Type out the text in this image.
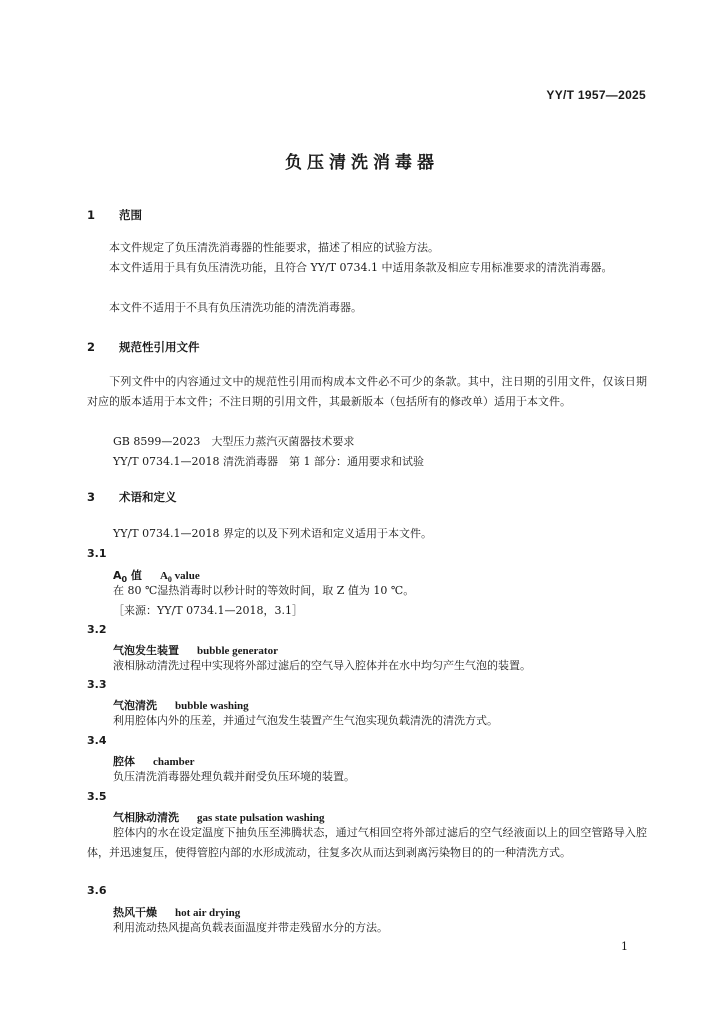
YY/T 1957—2025
负压清洗消毒器
1 范围
本文件规定了负压清洗消毒器的性能要求，描述了相应的试验方法。
本文件适用于具有负压清洗功能，且符合 YY/T 0734.1 中适用条款及相应专用标准要求的清洗消毒器。
本文件不适用于不具有负压清洗功能的清洗消毒器。
2 规范性引用文件
下列文件中的内容通过文中的规范性引用而构成本文件必不可少的条款。其中，注日期的引用文件，仅该日期对应的版本适用于本文件；不注日期的引用文件，其最新版本（包括所有的修改单）适用于本文件。
GB 8599—2023　大型压力蒸汽灭菌器技术要求
YY/T 0734.1—2018 清洗消毒器　第 1 部分：通用要求和试验
3 术语和定义
YY/T 0734.1—2018 界定的以及下列术语和定义适用于本文件。
3.1
$A_0$ 值 $A_0$ value
在 80 ℃湿热消毒时以秒计时的等效时间，取 Z 值为 10 ℃。
［来源：YY/T 0734.1—2018，3.1］
3.2
气泡发生装置 bubble generator
液相脉动清洗过程中实现将外部过滤后的空气导入腔体并在水中均匀产生气泡的装置。
3.3
气泡清洗 bubble washing
利用腔体内外的压差，并通过气泡发生装置产生气泡实现负载清洗的清洗方式。
3.4
腔体 chamber
负压清洗消毒器处理负载并耐受负压环境的装置。
3.5
气相脉动清洗 gas state pulsation washing
腔体内的水在设定温度下抽负压至沸腾状态，通过气相回空将外部过滤后的空气经液面以上的回空管路导入腔体，并迅速复压，使得管腔内部的水形成流动，往复多次从而达到剥离污染物目的的一种清洗方式。
3.6
热风干燥 hot air drying
利用流动热风提高负载表面温度并带走残留水分的方法。
1
